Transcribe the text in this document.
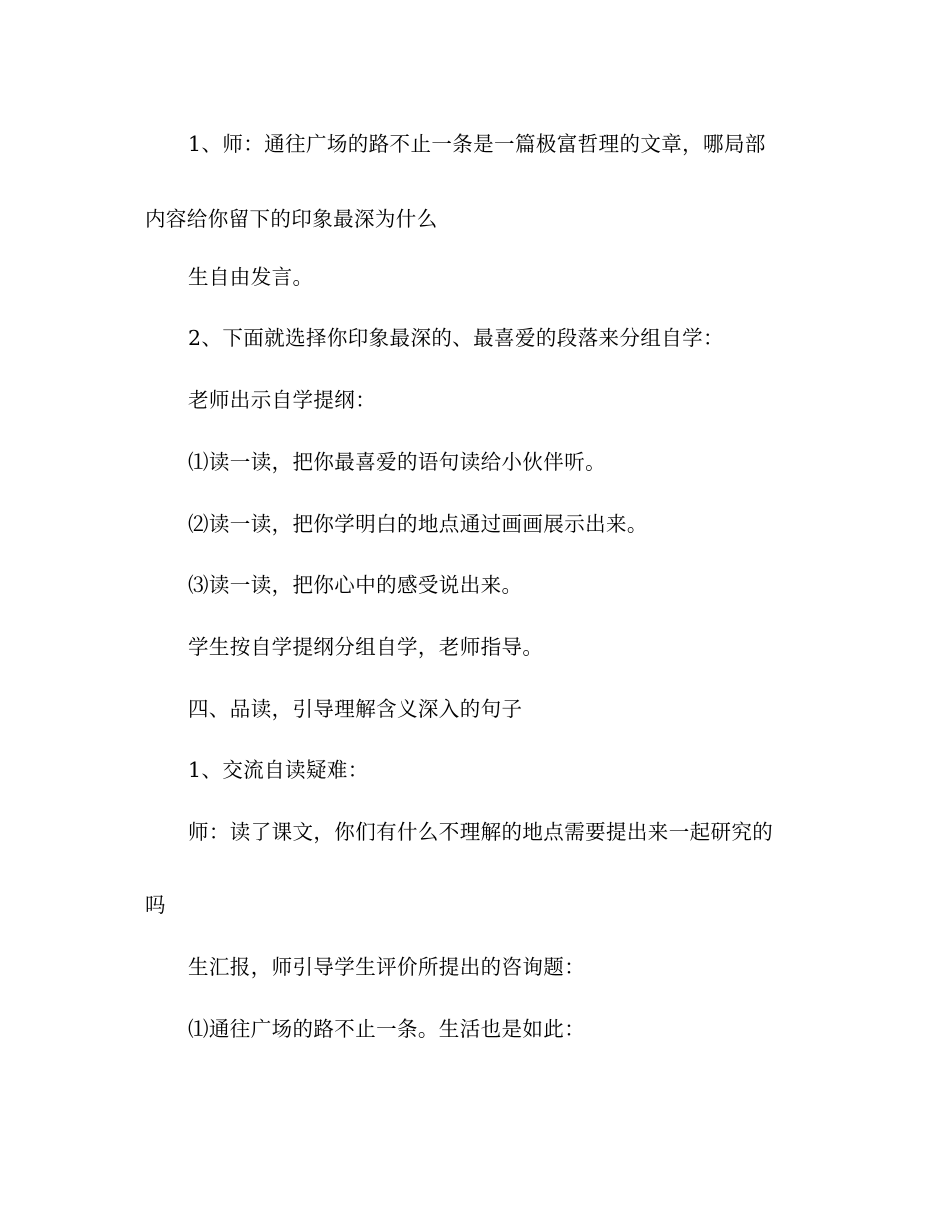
1、师：通往广场的路不止一条是一篇极富哲理的文章，哪局部
内容给你留下的印象最深为什么
生自由发言。
2、下面就选择你印象最深的、最喜爱的段落来分组自学：
老师出示自学提纲：
⑴读一读，把你最喜爱的语句读给小伙伴听。
⑵读一读，把你学明白的地点通过画画展示出来。
⑶读一读，把你心中的感受说出来。
学生按自学提纲分组自学，老师指导。
四、品读，引导理解含义深入的句子
1、交流自读疑难：
师：读了课文，你们有什么不理解的地点需要提出来一起研究的
吗
生汇报，师引导学生评价所提出的咨询题：
⑴通往广场的路不止一条。生活也是如此：
